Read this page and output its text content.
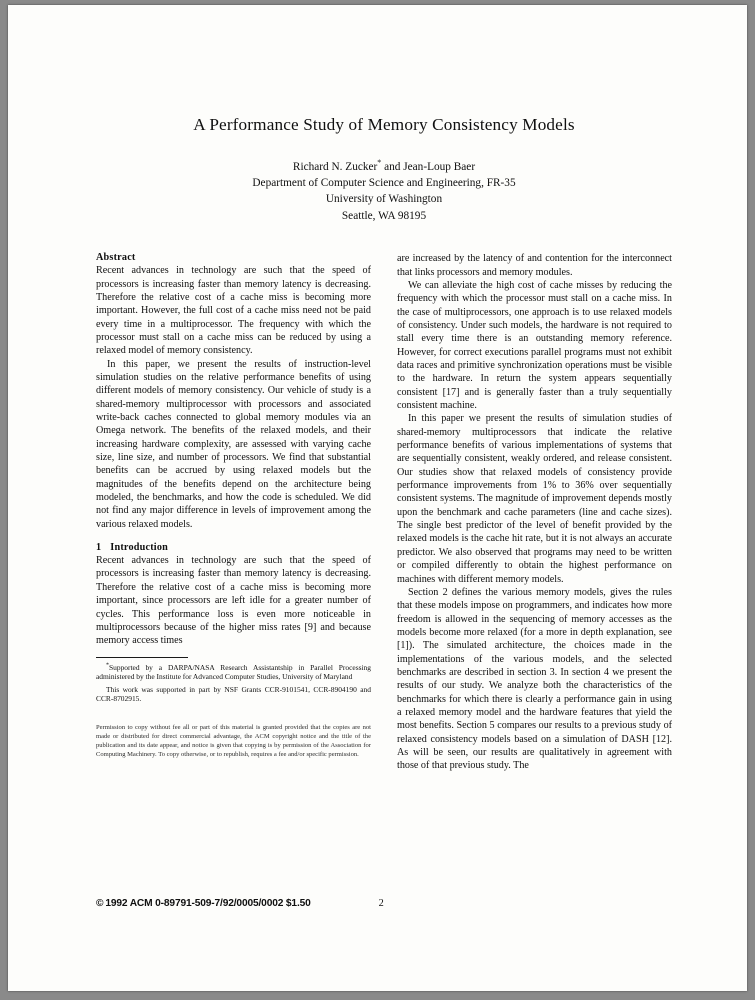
A Performance Study of Memory Consistency Models

Richard N. Zucker* and Jean-Loup Baer

Department of Computer Science and Engineering, FR-35

University of Washington

Seattle, WA 98195

Abstract

Recent advances in technology are such that the speed of processors is increasing faster than memory latency is decreasing. Therefore the relative cost of a cache miss is becoming more important. However, the full cost of a cache miss need not be paid every time in a multiprocessor. The frequency with which the processor must stall on a cache miss can be reduced by using a relaxed model of memory consistency.

In this paper, we present the results of instruction-level simulation studies on the relative performance benefits of using different models of memory consistency. Our vehicle of study is a shared-memory multiprocessor with processors and associated write-back caches connected to global memory modules via an Omega network. The benefits of the relaxed models, and their increasing hardware complexity, are assessed with varying cache size, line size, and number of processors. We find that substantial benefits can be accrued by using relaxed models but the magnitudes of the benefits depend on the architecture being modeled, the benchmarks, and how the code is scheduled. We did not find any major difference in levels of improvement among the various relaxed models.

1 Introduction

Recent advances in technology are such that the speed of processors is increasing faster than memory latency is decreasing. Therefore the relative cost of a cache miss is becoming more important, since processors are left idle for a greater number of cycles. This performance loss is even more noticeable in multiprocessors because of the higher miss rates [9] and because memory access times

*Supported by a DARPA/NASA Research Assistantship in Parallel Processing administered by the Institute for Advanced Computer Studies, University of Maryland

This work was supported in part by NSF Grants CCR-9101541, CCR-8904190 and CCR-8702915.

Permission to copy without fee all or part of this material is granted provided that the copies are not made or distributed for direct commercial advantage, the ACM copyright notice and the title of the publication and its date appear, and notice is given that copying is by permission of the Association for Computing Machinery. To copy otherwise, or to republish, requires a fee and/or specific permission.

are increased by the latency of and contention for the interconnect that links processors and memory modules.

We can alleviate the high cost of cache misses by reducing the frequency with which the processor must stall on a cache miss. In the case of multiprocessors, one approach is to use relaxed models of consistency. Under such models, the hardware is not required to stall every time there is an outstanding memory reference. However, for correct executions parallel programs must not exhibit data races and primitive synchronization operations must be visible to the hardware. In return the system appears sequentially consistent [17] and is generally faster than a truly sequentially consistent machine.

In this paper we present the results of simulation studies of shared-memory multiprocessors that indicate the relative performance benefits of various implementations of systems that are sequentially consistent, weakly ordered, and release consistent. Our studies show that relaxed models of consistency provide performance improvements from 1% to 36% over sequentially consistent systems. The magnitude of improvement depends mostly upon the benchmark and cache parameters (line and cache sizes). The single best predictor of the level of benefit provided by the relaxed models is the cache hit rate, but it is not always an accurate predictor. We also observed that programs may need to be written or compiled differently to obtain the highest performance on machines with different memory models.

Section 2 defines the various memory models, gives the rules that these models impose on programmers, and indicates how more freedom is allowed in the sequencing of memory accesses as the models become more relaxed (for a more in depth explanation, see [1]). The simulated architecture, the choices made in the implementations of the various models, and the selected benchmarks are described in section 3. In section 4 we present the results of our study. We analyze both the characteristics of the benchmarks for which there is clearly a performance gain in using a relaxed memory model and the hardware features that yield the most benefits. Section 5 compares our results to a previous study of relaxed consistency models based on a simulation of DASH [12]. As will be seen, our results are qualitatively in agreement with those of that previous study. The

© 1992 ACM 0-89791-509-7/92/0005/0002 $1.50	2
